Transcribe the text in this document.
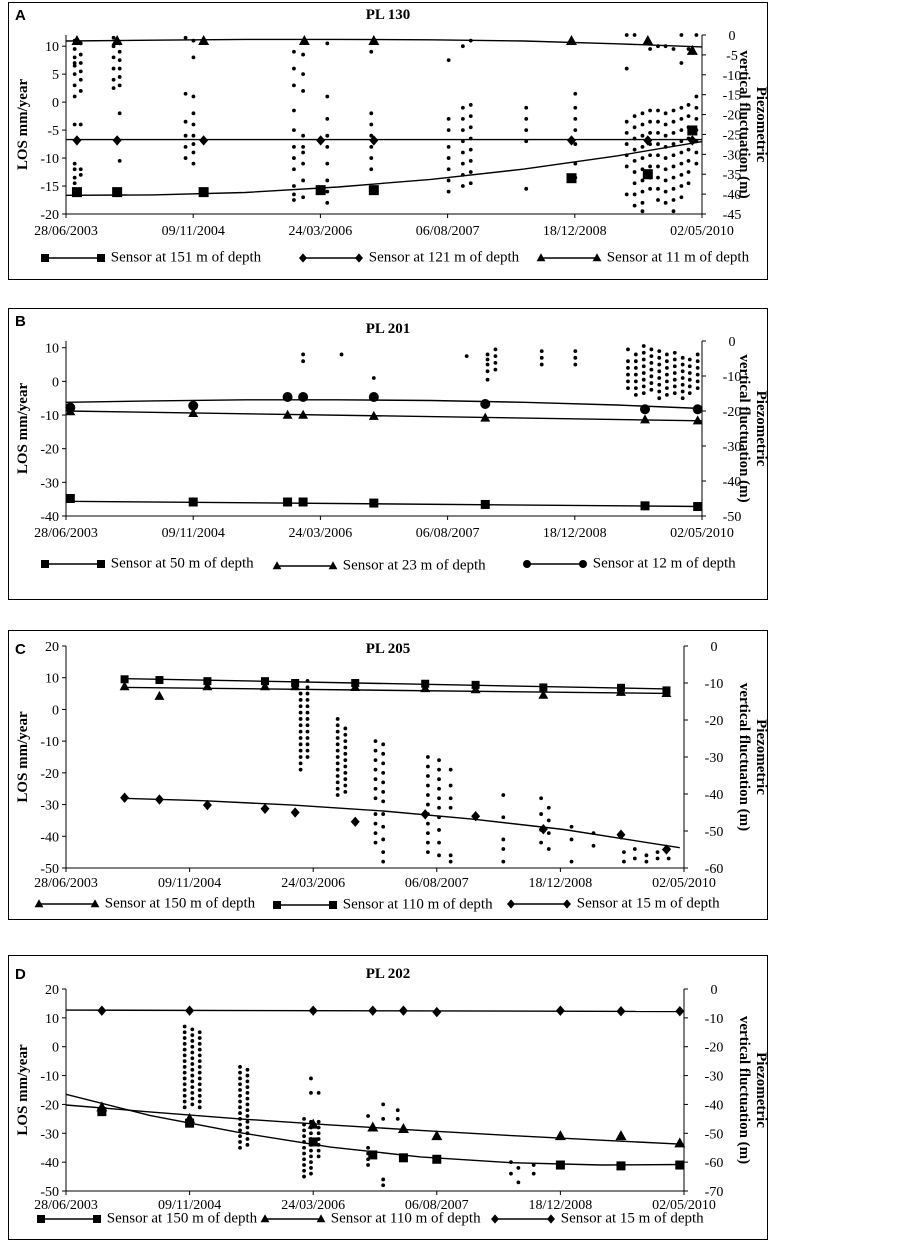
A	PL 130
10
5
0
-5
-10
-15
-20
0
-5
-10
-15
-20
-25
-30
-35
-40
-45
28/06/2003	09/11/2004	24/03/2006	06/08/2007	18/12/2008	02/05/2010
LOS mm/year	Piezometric
vertical fluctuation (m)
Sensor at 151 m of depth	Sensor at 121 m of depth	Sensor at 11 m of depth
B	PL 201
10
0
-10
-20
-30
-40
0
-10
-20
-30
-40
-50
28/06/2003	09/11/2004	24/03/2006	06/08/2007	18/12/2008	02/05/2010
LOS mm/year	Piezometric
vertical fluctuation (m)
Sensor at 50 m of depth	Sensor at 23 m of depth	Sensor at 12 m of depth
C	PL 205
20
10
0
-10
-20
-30
-40
-50
0
-10
-20
-30
-40
-50
-60
28/06/2003	09/11/2004	24/03/2006	06/08/2007	18/12/2008	02/05/2010
LOS mm/year	Piezometric
vertical fluctuation (m)
Sensor at 150 m of depth	Sensor at 110 m of depth	Sensor at 15 m of depth
D	PL 202
20
10
0
-10
-20
-30
-40
-50
0
-10
-20
-30
-40
-50
-60
-70
28/06/2003	09/11/2004	24/03/2006	06/08/2007	18/12/2008	02/05/2010
LOS mm/year	Piezometric
vertical fluctuation (m)
Sensor at 150 m of depth	Sensor at 110 m of depth	Sensor at 15 m of depth
